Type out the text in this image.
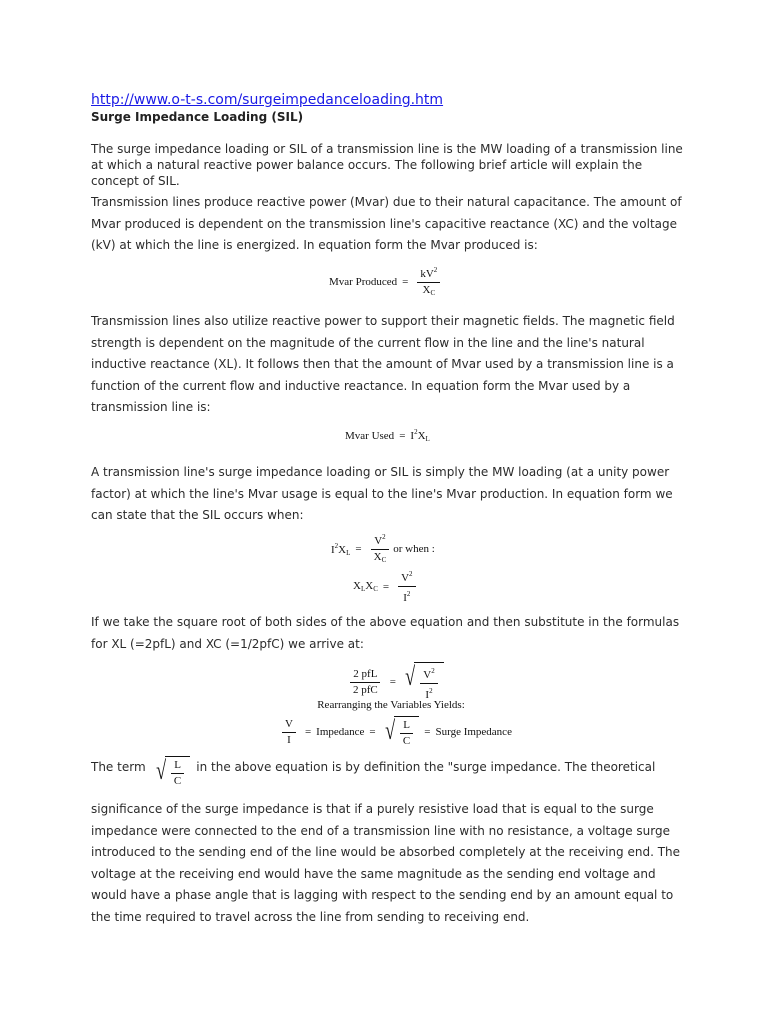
http://www.o-t-s.com/surgeimpedanceloading.htm
Surge Impedance Loading (SIL)

The surge impedance loading or SIL of a transmission line is the MW loading of a transmission line at which a natural reactive power balance occurs. The following brief article will explain the concept of SIL.

Transmission lines produce reactive power (Mvar) due to their natural capacitance. The amount of Mvar produced is dependent on the transmission line's capacitive reactance (XC) and the voltage (kV) at which the line is energized. In equation form the Mvar produced is:

Mvar Produced = $\frac{kV^2}{X_C}$

Transmission lines also utilize reactive power to support their magnetic fields. The magnetic field strength is dependent on the magnitude of the current flow in the line and the line's natural inductive reactance (XL). It follows then that the amount of Mvar used by a transmission line is a function of the current flow and inductive reactance. In equation form the Mvar used by a transmission line is:

Mvar Used = $I^2X_L$

A transmission line's surge impedance loading or SIL is simply the MW loading (at a unity power factor) at which the line's Mvar usage is equal to the line's Mvar production. In equation form we can state that the SIL occurs when:

$I^2X_L = \frac{V^2}{X_C}$ or when :
$X_LX_C = \frac{V^2}{I^2}$

If we take the square root of both sides of the above equation and then substitute in the formulas for XL (=2pfL) and XC (=1/2pfC) we arrive at:

$\frac{\text{2 pfL}}{\text{2 pfC}}$ = √ $\frac{V^2}{I^2}$
Rearranging the Variables Yields:
$\frac{V}{I}$ = Impedance = √ $\frac{L}{C}$ = Surge Impedance
The term √ $\frac{L}{C}$ in the above equation is by definition the "surge impedance. The theoretical

significance of the surge impedance is that if a purely resistive load that is equal to the surge impedance were connected to the end of a transmission line with no resistance, a voltage surge introduced to the sending end of the line would be absorbed completely at the receiving end. The voltage at the receiving end would have the same magnitude as the sending end voltage and would have a phase angle that is lagging with respect to the sending end by an amount equal to the time required to travel across the line from sending to receiving end.
